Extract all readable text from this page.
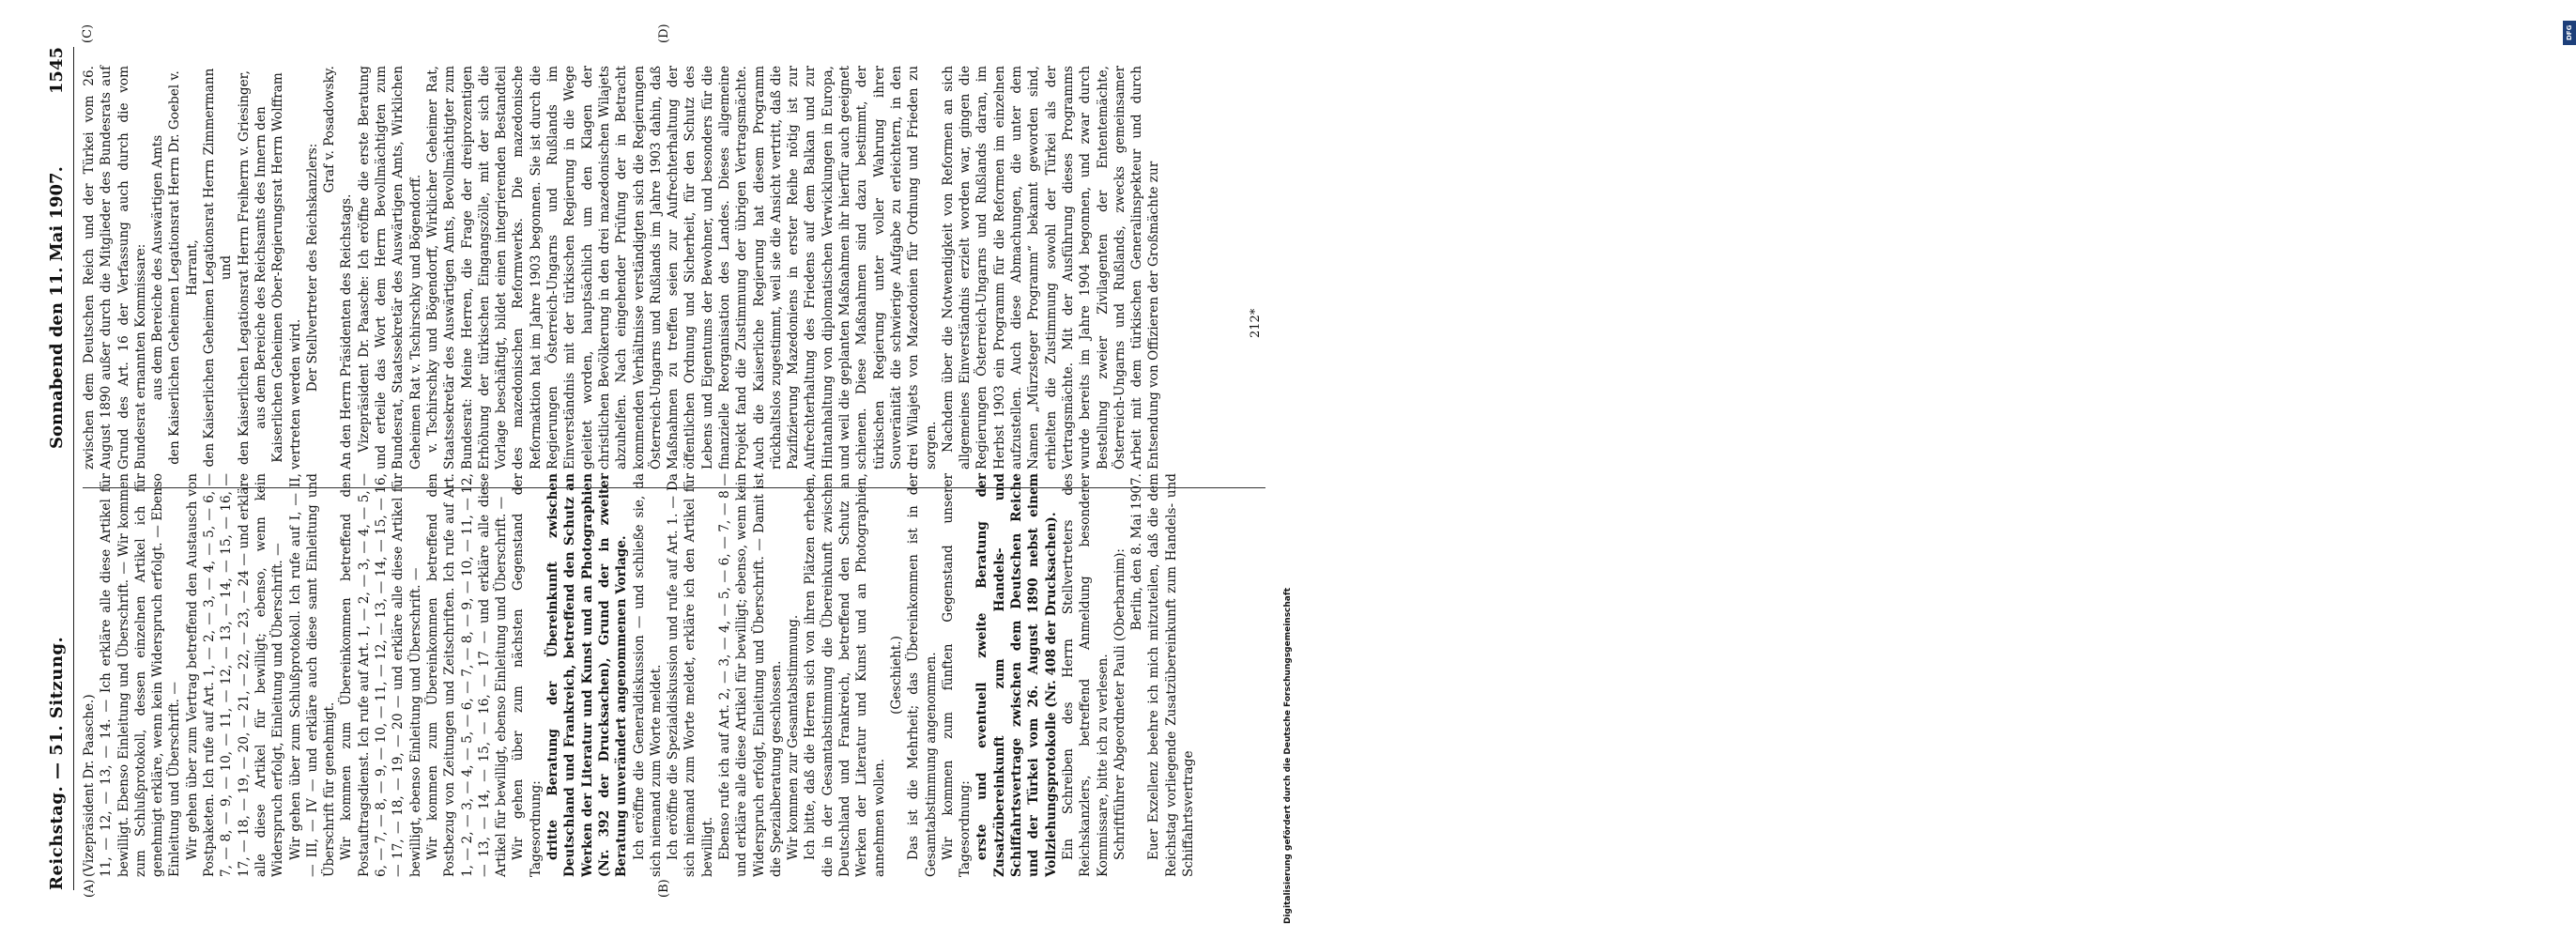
Reichstag. — 51. Sitzung.
Sonnabend den 11. Mai 1907.
1545
(A)	(B)
(C)	(D)

(Vizepräsident Dr. Paasche.) 11, — 12, — 13, — 14. — Ich erkläre alle diese Artikel für bewilligt. Ebenso Einleitung und Überschrift. — Wir kommen zum Schlußprotokoll, dessen einzelnen Artikel ich für genehmigt erkläre, wenn kein Widerspruch erfolgt. — Ebenso Einleitung und Überschrift. — Wir gehen über zum Vertrag betreffend den Austausch von Postpaketen. Ich rufe auf Art. 1, — 2, — 3, — 4, — 5, — 6, — 7, — 8, — 9, — 10, — 11, — 12, — 13, — 14, — 15, — 16, — 17, — 18, — 19, — 20, — 21, — 22, — 23, — 24 — und erkläre alle diese Artikel für bewilligt; ebenso, wenn kein Widerspruch erfolgt, Einleitung und Überschrift. — Wir gehen über zum Schlußprotokoll. Ich rufe auf I, — II, — III, — IV — und erkläre auch diese samt Einleitung und Überschrift für genehmigt. Wir kommen zum Übereinkommen betreffend den Postauftragsdienst. Ich rufe auf Art. 1, — 2, — 3, — 4, — 5, — 6, — 7, — 8, — 9, — 10, — 11, — 12, — 13, — 14, — 15, — 16, — 17, — 18, — 19, — 20 — und erkläre alle diese Artikel für bewilligt, ebenso Einleitung und Überschrift. — Wir kommen zum Übereinkommen betreffend den Postbezug von Zeitungen und Zeitschriften. Ich rufe auf Art. 1, — 2, — 3, — 4, — 5, — 6, — 7, — 8, — 9, — 10, — 11, — 12, — 13, — 14, — 15, — 16, — 17 — und erkläre alle diese Artikel für bewilligt, ebenso Einleitung und Überschrift. — Wir gehen über zum nächsten Gegenstand der Tagesordnung: dritte Beratung der Übereinkunft zwischen Deutschland und Frankreich, betreffend den Schutz an Werken der Literatur und Kunst und an Photographien (Nr. 392 der Drucksachen), Grund der in zweiter Beratung unverändert angenommenen Vorlage. Ich eröffne die Generaldiskussion — und schließe sie, da sich niemand zum Worte meldet. Ich eröffne die Spezialdiskussion und rufe auf Art. 1. — Da sich niemand zum Worte meldet, erkläre ich den Artikel für bewilligt. Ebenso rufe ich auf Art. 2, — 3, — 4, — 5, — 6, — 7, — 8 — und erkläre alle diese Artikel für bewilligt; ebenso, wenn kein Widerspruch erfolgt, Einleitung und Überschrift. — Damit ist die Spezialberatung geschlossen. Wir kommen zur Gesamtabstimmung. Ich bitte, daß die Herren sich von ihren Plätzen erheben, die in der Gesamtabstimmung die Übereinkunft zwischen Deutschland und Frankreich, betreffend den Schutz an Werken der Literatur und Kunst und an Photographien, annehmen wollen.

(Geschieht.) Das ist die Mehrheit; das Übereinkommen ist in der Gesamtabstimmung angenommen. Wir kommen zum fünften Gegenstand unserer Tagesordnung: erste und eventuell zweite Beratung der Zusatzübereinkunft zum Handels- und Schiffahrtsvertrage zwischen dem Deutschen Reiche und der Türkei vom 26. August 1890 nebst einem Vollziehungsprotokolle (Nr. 408 der Drucksachen). Ein Schreiben des Herrn Stellvertreters des Reichskanzlers, betreffend Anmeldung besonderer Kommissare, bitte ich zu verlesen. Schriftführer Abgeordneter Pauli (Oberbarnim): Berlin, den 8. Mai 1907. Euer Exzellenz beehre ich mich mitzuteilen, daß die dem Reichstag vorliegende Zusatzübereinkunft zum Handels- und Schiffahrtsvertrage

zwischen dem Deutschen Reich und der Türkei vom 26. August 1890 außer durch die Mitglieder des Bundesrats auf Grund des Art. 16 der Verfassung auch durch die vom Bundesrat ernannten Kommissare: aus dem Bereiche des Auswärtigen Amts den Kaiserlichen Geheimen Legationsrat Herrn Dr. Goebel v. Harrant, den Kaiserlichen Geheimen Legationsrat Herrn Zimmermann und den Kaiserlichen Legationsrat Herrn Freiherrn v. Griesinger, aus dem Bereiche des Reichsamts des Innern den Kaiserlichen Geheimen Ober-Regierungsrat Herrn Wolffram vertreten werden wird.

Der Stellvertreter des Reichskanzlers:

Graf v. Posadowsky.

An den Herrn Präsidenten des Reichstags. Vizepräsident Dr. Paasche: Ich eröffne die erste Beratung und erteile das Wort dem Herrn Bevollmächtigten zum Bundesrat, Staatssekretär des Auswärtigen Amts, Wirklichen Geheimen Rat v. Tschirschky und Bögendorff. v. Tschirschky und Bögendorff, Wirklicher Geheimer Rat, Staatssekretär des Auswärtigen Amts, Bevollmächtigter zum Bundesrat: Meine Herren, die Frage der dreiprozentigen Erhöhung der türkischen Eingangszölle, mit der sich die Vorlage beschäftigt, bildet einen integrierenden Bestandteil des mazedonischen Reformwerks. Die mazedonische Reformaktion hat im Jahre 1903 begonnen. Sie ist durch die Regierungen Österreich-Ungarns und Rußlands im Einverständnis mit der türkischen Regierung in die Wege geleitet worden, hauptsächlich um den Klagen der christlichen Bevölkerung in den drei mazedonischen Wilajets abzuhelfen. Nach eingehender Prüfung der in Betracht kommenden Verhältnisse verständigten sich die Regierungen Österreich-Ungarns und Rußlands im Jahre 1903 dahin, daß Maßnahmen zu treffen seien zur Aufrechterhaltung der öffentlichen Ordnung und Sicherheit, für den Schutz des Lebens und Eigentums der Bewohner, und besonders für die finanzielle Reorganisation des Landes. Dieses allgemeine Projekt fand die Zustimmung der übrigen Vertragsmächte. Auch die Kaiserliche Regierung hat diesem Programm rückhaltslos zugestimmt, weil sie die Ansicht vertritt, daß die Pazifizierung Mazedoniens in erster Reihe nötig ist zur Aufrechterhaltung des Friedens auf dem Balkan und zur Hintanhaltung von diplomatischen Verwicklungen in Europa, und weil die geplanten Maßnahmen ihr hierfür auch geeignet schienen. Diese Maßnahmen sind dazu bestimmt, der türkischen Regierung unter voller Wahrung ihrer Souveränität die schwierige Aufgabe zu erleichtern, in den drei Wilajets von Mazedonien für Ordnung und Frieden zu sorgen. Nachdem über die Notwendigkeit von Reformen an sich allgemeines Einverständnis erzielt worden war, gingen die Regierungen Österreich-Ungarns und Rußlands daran, im Herbst 1903 ein Programm für die Reformen im einzelnen aufzustellen. Auch diese Abmachungen, die unter dem Namen „Mürzsteger Programm“ bekannt geworden sind, erhielten die Zustimmung sowohl der Türkei als der Vertragsmächte. Mit der Ausführung dieses Programms wurde bereits im Jahre 1904 begonnen, und zwar durch Bestellung zweier Zivilagenten der Ententemächte, Österreich-Ungarns und Rußlands, zwecks gemeinsamer Arbeit mit dem türkischen Generalinspekteur und durch Entsendung von Offizieren der Großmächte zur	212*
DFG
Digitalisierung gefördert durch die Deutsche Forschungsgemeinschaft
